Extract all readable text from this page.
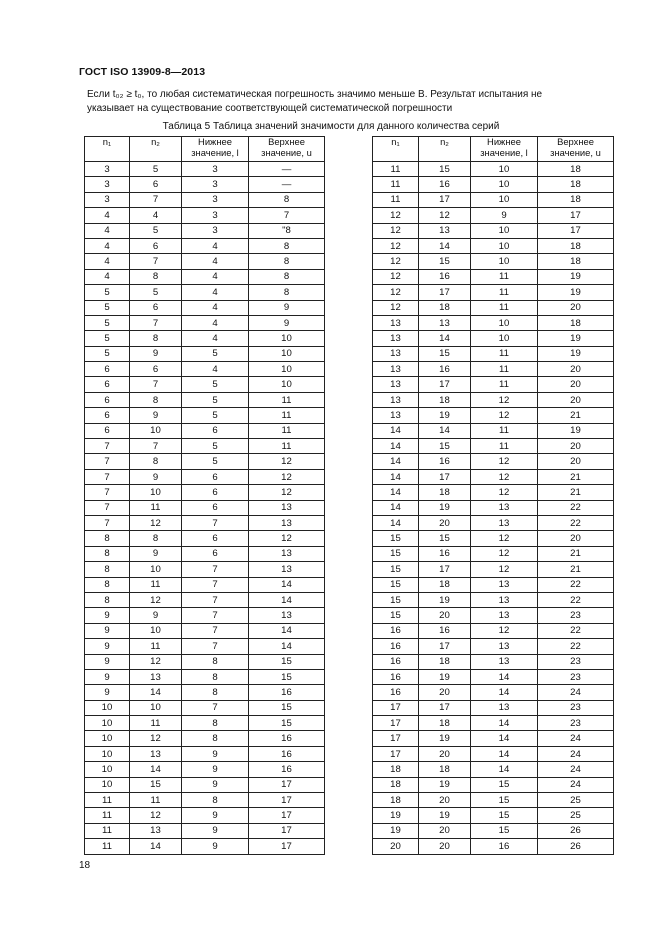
ГОСТ ISO 13909-8—2013
Если t₀₂ ≥ t₀, то любая систематическая погрешность значимо меньше B. Результат испытания не
указывает на существование соответствующей систематической погрешности
Таблица 5 Таблица значений значимости для данного количества серий
n₁	n₂	Нижнее значение, l	Верхнее значение, u
3	5	3	—
3	6	3	—
3	7	3	8
4	4	3	7
4	5	3	"8
4	6	4	8
4	7	4	8
4	8	4	8
5	5	4	8
5	6	4	9
5	7	4	9
5	8	4	10
5	9	5	10
6	6	4	10
6	7	5	10
6	8	5	11
6	9	5	11
6	10	6	11
7	7	5	11
7	8	5	12
7	9	6	12
7	10	6	12
7	11	6	13
7	12	7	13
8	8	6	12
8	9	6	13
8	10	7	13
8	11	7	14
8	12	7	14
9	9	7	13
9	10	7	14
9	11	7	14
9	12	8	15
9	13	8	15
9	14	8	16
10	10	7	15
10	11	8	15
10	12	8	16
10	13	9	16
10	14	9	16
10	15	9	17
11	11	8	17
11	12	9	17
11	13	9	17
11	14	9	17
n₁	n₂	Нижнее значение, l	Верхнее значение, u
11	15	10	18
11	16	10	18
11	17	10	18
12	12	9	17
12	13	10	17
12	14	10	18
12	15	10	18
12	16	11	19
12	17	11	19
12	18	11	20
13	13	10	18
13	14	10	19
13	15	11	19
13	16	11	20
13	17	11	20
13	18	12	20
13	19	12	21
14	14	11	19
14	15	11	20
14	16	12	20
14	17	12	21
14	18	12	21
14	19	13	22
14	20	13	22
15	15	12	20
15	16	12	21
15	17	12	21
15	18	13	22
15	19	13	22
15	20	13	23
16	16	12	22
16	17	13	22
16	18	13	23
16	19	14	23
16	20	14	24
17	17	13	23
17	18	14	23
17	19	14	24
17	20	14	24
18	18	14	24
18	19	15	24
18	20	15	25
19	19	15	25
19	20	15	26
20	20	16	26
18
